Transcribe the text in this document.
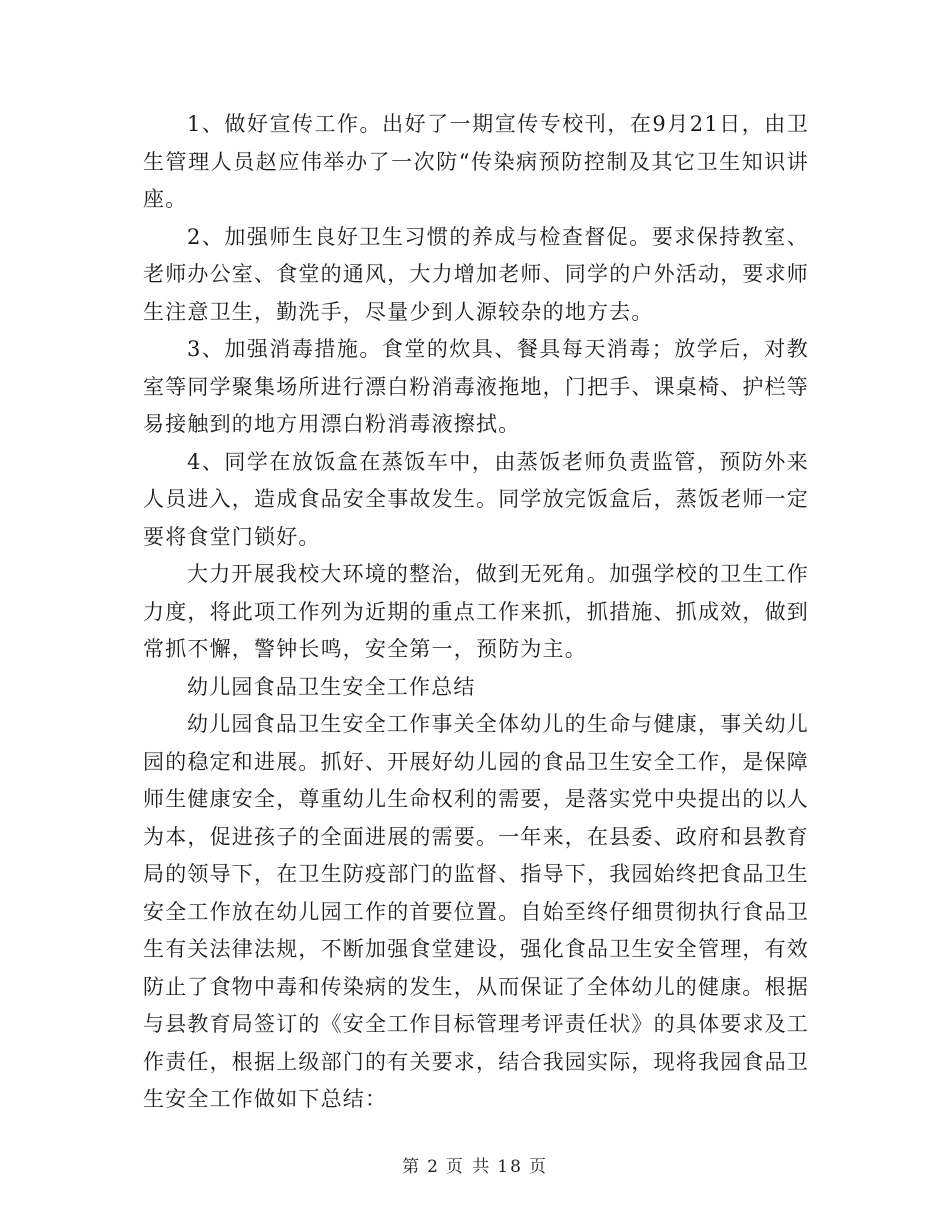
1、做好宣传工作。出好了一期宣传专校刊，在9月21日，由卫生管理人员赵应伟举办了一次防“传染病预防控制及其它卫生知识讲座。

2、加强师生良好卫生习惯的养成与检查督促。要求保持教室、老师办公室、食堂的通风，大力增加老师、同学的户外活动，要求师生注意卫生，勤洗手，尽量少到人源较杂的地方去。

3、加强消毒措施。食堂的炊具、餐具每天消毒；放学后，对教室等同学聚集场所进行漂白粉消毒液拖地，门把手、课桌椅、护栏等易接触到的地方用漂白粉消毒液擦拭。

4、同学在放饭盒在蒸饭车中，由蒸饭老师负责监管，预防外来人员进入，造成食品安全事故发生。同学放完饭盒后，蒸饭老师一定要将食堂门锁好。

大力开展我校大环境的整治，做到无死角。加强学校的卫生工作力度，将此项工作列为近期的重点工作来抓，抓措施、抓成效，做到常抓不懈，警钟长鸣，安全第一，预防为主。

幼儿园食品卫生安全工作总结

幼儿园食品卫生安全工作事关全体幼儿的生命与健康，事关幼儿园的稳定和进展。抓好、开展好幼儿园的食品卫生安全工作，是保障师生健康安全，尊重幼儿生命权利的需要，是落实党中央提出的以人为本，促进孩子的全面进展的需要。一年来，在县委、政府和县教育局的领导下，在卫生防疫部门的监督、指导下，我园始终把食品卫生安全工作放在幼儿园工作的首要位置。自始至终仔细贯彻执行食品卫生有关法律法规，不断加强食堂建设，强化食品卫生安全管理，有效防止了食物中毒和传染病的发生，从而保证了全体幼儿的健康。根据与县教育局签订的《安全工作目标管理考评责任状》的具体要求及工作责任，根据上级部门的有关要求，结合我园实际，现将我园食品卫生安全工作做如下总结：

第 2 页 共 18 页
